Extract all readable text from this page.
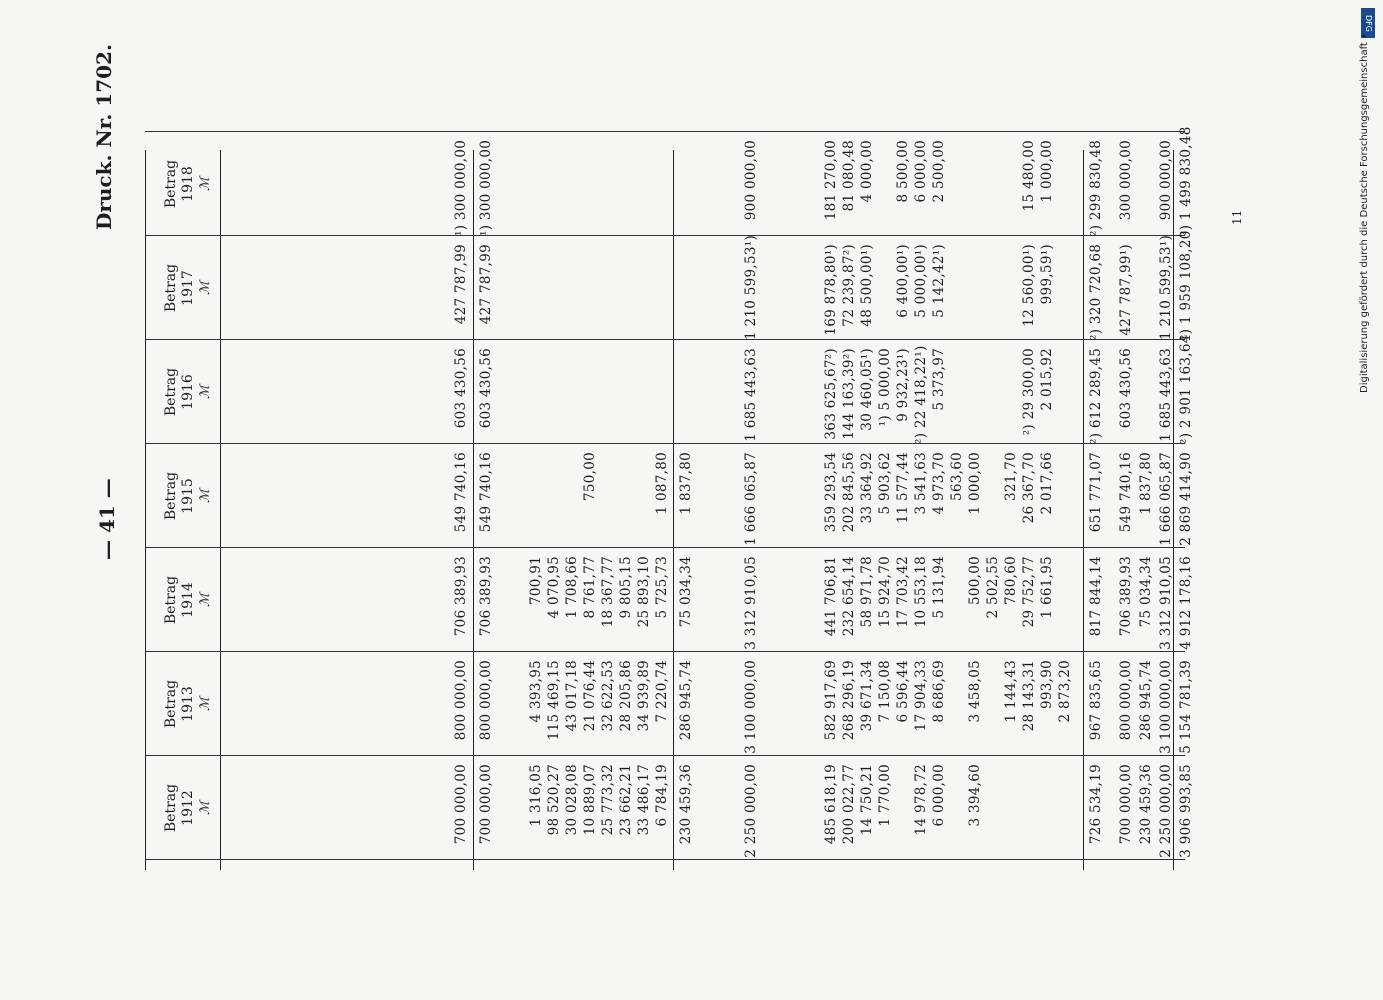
— 41 —
Druck. Nr. 1702.	11
Betrag 1912 ℳ
Betrag 1913 ℳ
Betrag 1914 ℳ
Betrag 1915 ℳ
Betrag 1916 ℳ
Betrag 1917 ℳ
Betrag 1918 ℳ
700 000,00
800 000,00
706 389,93
549 740,16
603 430,56
427 787,99
¹) 300 000,00
700 000,00
800 000,00
706 389,93
549 740,16
603 430,56
427 787,99
¹) 300 000,00
1 316,05
4 393,95
700,91
98 520,27
115 469,15
4 070,95
30 028,08
43 017,18
1 708,66
10 889,07
21 076,44
8 761,77
750,00
25 773,32
32 622,53
18 367,77
23 662,21
28 205,86
9 805,15
33 486,17
34 939,89
25 893,10
6 784,19
7 220,74
5 725,73
1 087,80
230 459,36
286 945,74
75 034,34
1 837,80
2 250 000,00
3 100 000,00
3 312 910,05
1 666 065,87
1 685 443,63
1 210 599,53¹)
900 000,00
485 618,19
582 917,69
441 706,81
359 293,54
363 625,67²)
169 878,80¹)
181 270,00
200 022,77
268 296,19
232 654,14
202 845,56
144 163,39²)
72 239,87²)
81 080,48
14 750,21
39 671,34
58 971,78
33 364,92
30 460,05¹)
48 500,00¹)
4 000,00
1 770,00
7 150,08
15 924,70
5 903,62
¹) 5 000,00
6 596,44
17 703,42
11 577,44
9 932,23¹)
6 400,00¹)
8 500,00
14 978,72
17 904,33
10 553,18
3 541,63
²) 22 418,22¹)
5 000,00¹)
6 000,00
6 000,00
8 686,69
5 131,94
4 973,70
5 373,97
5 142,42¹)
2 500,00
563,60
3 394,60
3 458,05
500,00
1 000,00
2 502,55
1 144,43
780,60
321,70
28 143,31
29 752,77
26 367,70
²) 29 300,00
12 560,00¹)
15 480,00
993,90
1 661,95
2 017,66
2 015,92
999,59¹)
1 000,00
2 873,20
726 534,19
967 835,65
817 844,14
651 771,07
²) 612 289,45
²) 320 720,68
²) 299 830,48
700 000,00
800 000,00
706 389,93
549 740,16
603 430,56
427 787,99¹)
300 000,00
230 459,36
286 945,74
75 034,34
1 837,80
2 250 000,00
3 100 000,00
3 312 910,05
1 666 065,87
1 685 443,63
1 210 599,53¹)
900 000,00
3 906 993,85
5 154 781,39
4 912 178,16
2 869 414,90
²) 2 901 163,64
²) 1 959 108,20
²) 1 499 830,48
DFG
Digitalisierung gefördert durch die Deutsche Forschungsgemeinschaft •
